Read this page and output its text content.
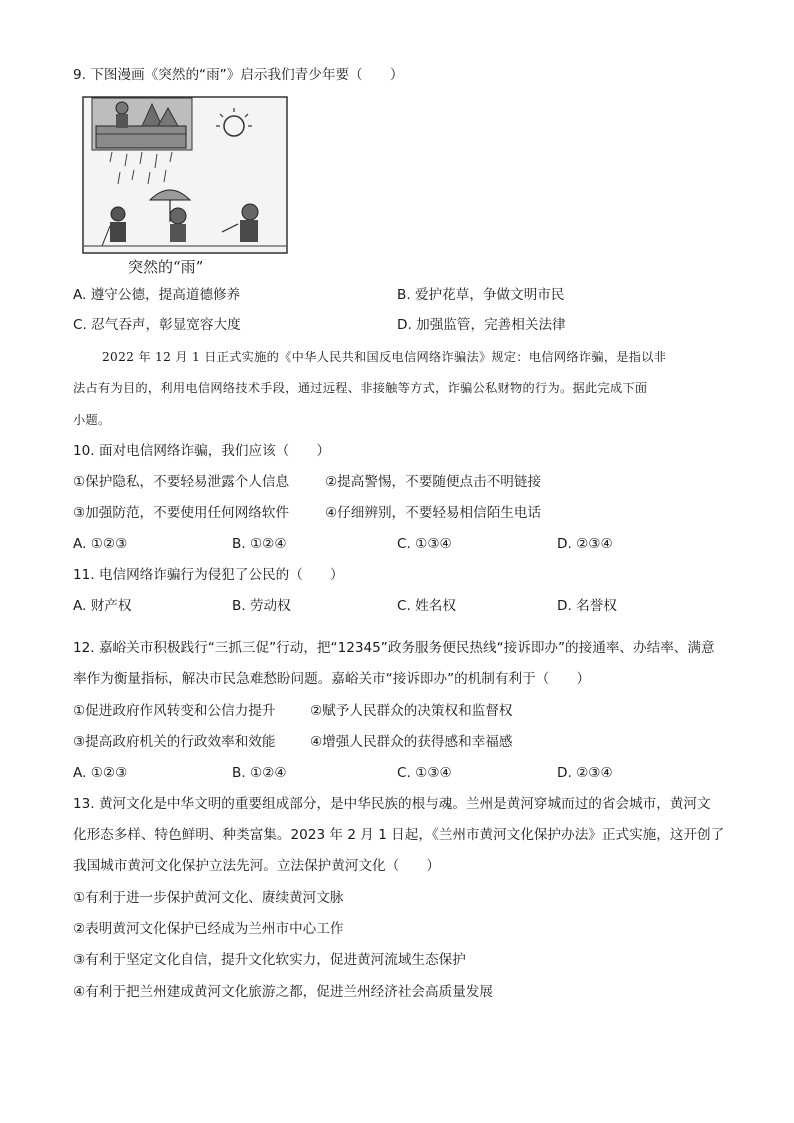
9. 下图漫画《突然的“雨”》启示我们青少年要（　　）
突然的“雨”
A. 遵守公德，提高道德修养	B. 爱护花草，争做文明市民
C. 忍气吞声，彰显宽容大度	D. 加强监管，完善相关法律
2022 年 12 月 1 日正式实施的《中华人民共和国反电信网络诈骗法》规定：电信网络诈骗，是指以非
法占有为目的，利用电信网络技术手段，通过远程、非接触等方式，诈骗公私财物的行为。据此完成下面
小题。
10. 面对电信网络诈骗，我们应该（　　）
①保护隐私，不要轻易泄露个人信息	②提高警惕，不要随便点击不明链接
③加强防范，不要使用任何网络软件	④仔细辨别，不要轻易相信陌生电话
A. ①②③	B. ①②④	C. ①③④	D. ②③④
11. 电信网络诈骗行为侵犯了公民的（　　）
A. 财产权	B. 劳动权	C. 姓名权	D. 名誉权
12. 嘉峪关市积极践行“三抓三促”行动，把“12345”政务服务便民热线“接诉即办”的接通率、办结率、满意
率作为衡量指标，解决市民急难愁盼问题。嘉峪关市“接诉即办”的机制有利于（　　）
①促进政府作风转变和公信力提升	②赋予人民群众的决策权和监督权
③提高政府机关的行政效率和效能	④增强人民群众的获得感和幸福感
A. ①②③	B. ①②④	C. ①③④	D. ②③④
13. 黄河文化是中华文明的重要组成部分，是中华民族的根与魂。兰州是黄河穿城而过的省会城市，黄河文
化形态多样、特色鲜明、种类富集。2023 年 2 月 1 日起，《兰州市黄河文化保护办法》正式实施，这开创了
我国城市黄河文化保护立法先河。立法保护黄河文化（　　）
①有利于进一步保护黄河文化、赓续黄河文脉
②表明黄河文化保护已经成为兰州市中心工作
③有利于坚定文化自信，提升文化软实力，促进黄河流域生态保护
④有利于把兰州建成黄河文化旅游之都，促进兰州经济社会高质量发展
